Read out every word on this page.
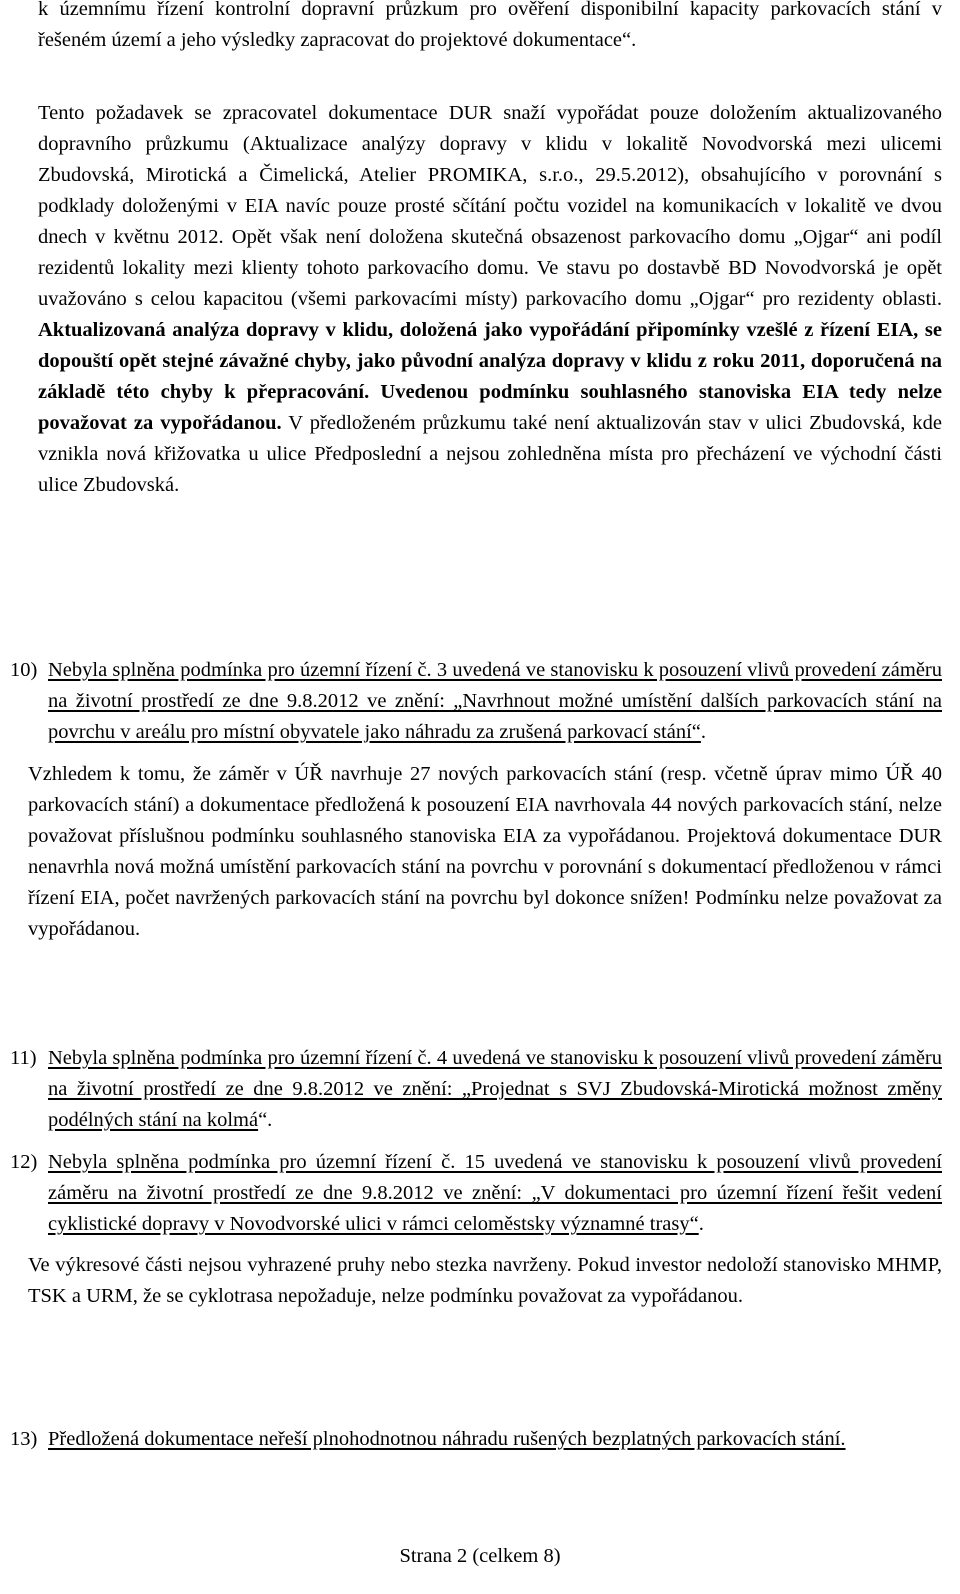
k územnímu řízení kontrolní dopravní průzkum pro ověření disponibilní kapacity parkovacích stání v řešeném území a jeho výsledky zapracovat do projektové dokumentace“.

Tento požadavek se zpracovatel dokumentace DUR snaží vypořádat pouze doložením aktualizovaného dopravního průzkumu (Aktualizace analýzy dopravy v klidu v lokalitě Novodvorská mezi ulicemi Zbudovská, Mirotická a Čimelická, Atelier PROMIKA, s.r.o., 29.5.2012), obsahujícího v porovnání s podklady doloženými v EIA navíc pouze prosté sčítání počtu vozidel na komunikacích v lokalitě ve dvou dnech v květnu 2012. Opět však není doložena skutečná obsazenost parkovacího domu „Ojgar“ ani podíl rezidentů lokality mezi klienty tohoto parkovacího domu. Ve stavu po dostavbě BD Novodvorská je opět uvažováno s celou kapacitou (všemi parkovacími místy) parkovacího domu „Ojgar“ pro rezidenty oblasti. Aktualizovaná analýza dopravy v klidu, doložená jako vypořádání připomínky vzešlé z řízení EIA, se dopouští opět stejné závažné chyby, jako původní analýza dopravy v klidu z roku 2011, doporučená na základě této chyby k přepracování. Uvedenou podmínku souhlasného stanoviska EIA tedy nelze považovat za vypořádanou. V předloženém průzkumu také není aktualizován stav v ulici Zbudovská, kde vznikla nová křižovatka u ulice Předposlední a nejsou zohledněna místa pro přecházení ve východní části ulice Zbudovská.

10) Nebyla splněna podmínka pro územní řízení č. 3 uvedená ve stanovisku k posouzení vlivů provedení záměru na životní prostředí ze dne 9.8.2012 ve znění: „Navrhnout možné umístění dalších parkovacích stání na povrchu v areálu pro místní obyvatele jako náhradu za zrušená parkovací stání“.

Vzhledem k tomu, že záměr v ÚŘ navrhuje 27 nových parkovacích stání (resp. včetně úprav mimo ÚŘ 40 parkovacích stání) a dokumentace předložená k posouzení EIA navrhovala 44 nových parkovacích stání, nelze považovat příslušnou podmínku souhlasného stanoviska EIA za vypořádanou. Projektová dokumentace DUR nenavrhla nová možná umístění parkovacích stání na povrchu v porovnání s dokumentací předloženou v rámci řízení EIA, počet navržených parkovacích stání na povrchu byl dokonce snížen! Podmínku nelze považovat za vypořádanou.

11) Nebyla splněna podmínka pro územní řízení č. 4 uvedená ve stanovisku k posouzení vlivů provedení záměru na životní prostředí ze dne 9.8.2012 ve znění: „Projednat s SVJ Zbudovská-Mirotická možnost změny podélných stání na kolmá“.

12) Nebyla splněna podmínka pro územní řízení č. 15 uvedená ve stanovisku k posouzení vlivů provedení záměru na životní prostředí ze dne 9.8.2012 ve znění: „V dokumentaci pro územní řízení řešit vedení cyklistické dopravy v Novodvorské ulici v rámci celoměstsky významné trasy“.

Ve výkresové části nejsou vyhrazené pruhy nebo stezka navrženy. Pokud investor nedoloží stanovisko MHMP, TSK a URM, že se cyklotrasa nepožaduje, nelze podmínku považovat za vypořádanou.

13) Předložená dokumentace neřeší plnohodnotnou náhradu rušených bezplatných parkovacích stání.

Strana 2 (celkem 8)
